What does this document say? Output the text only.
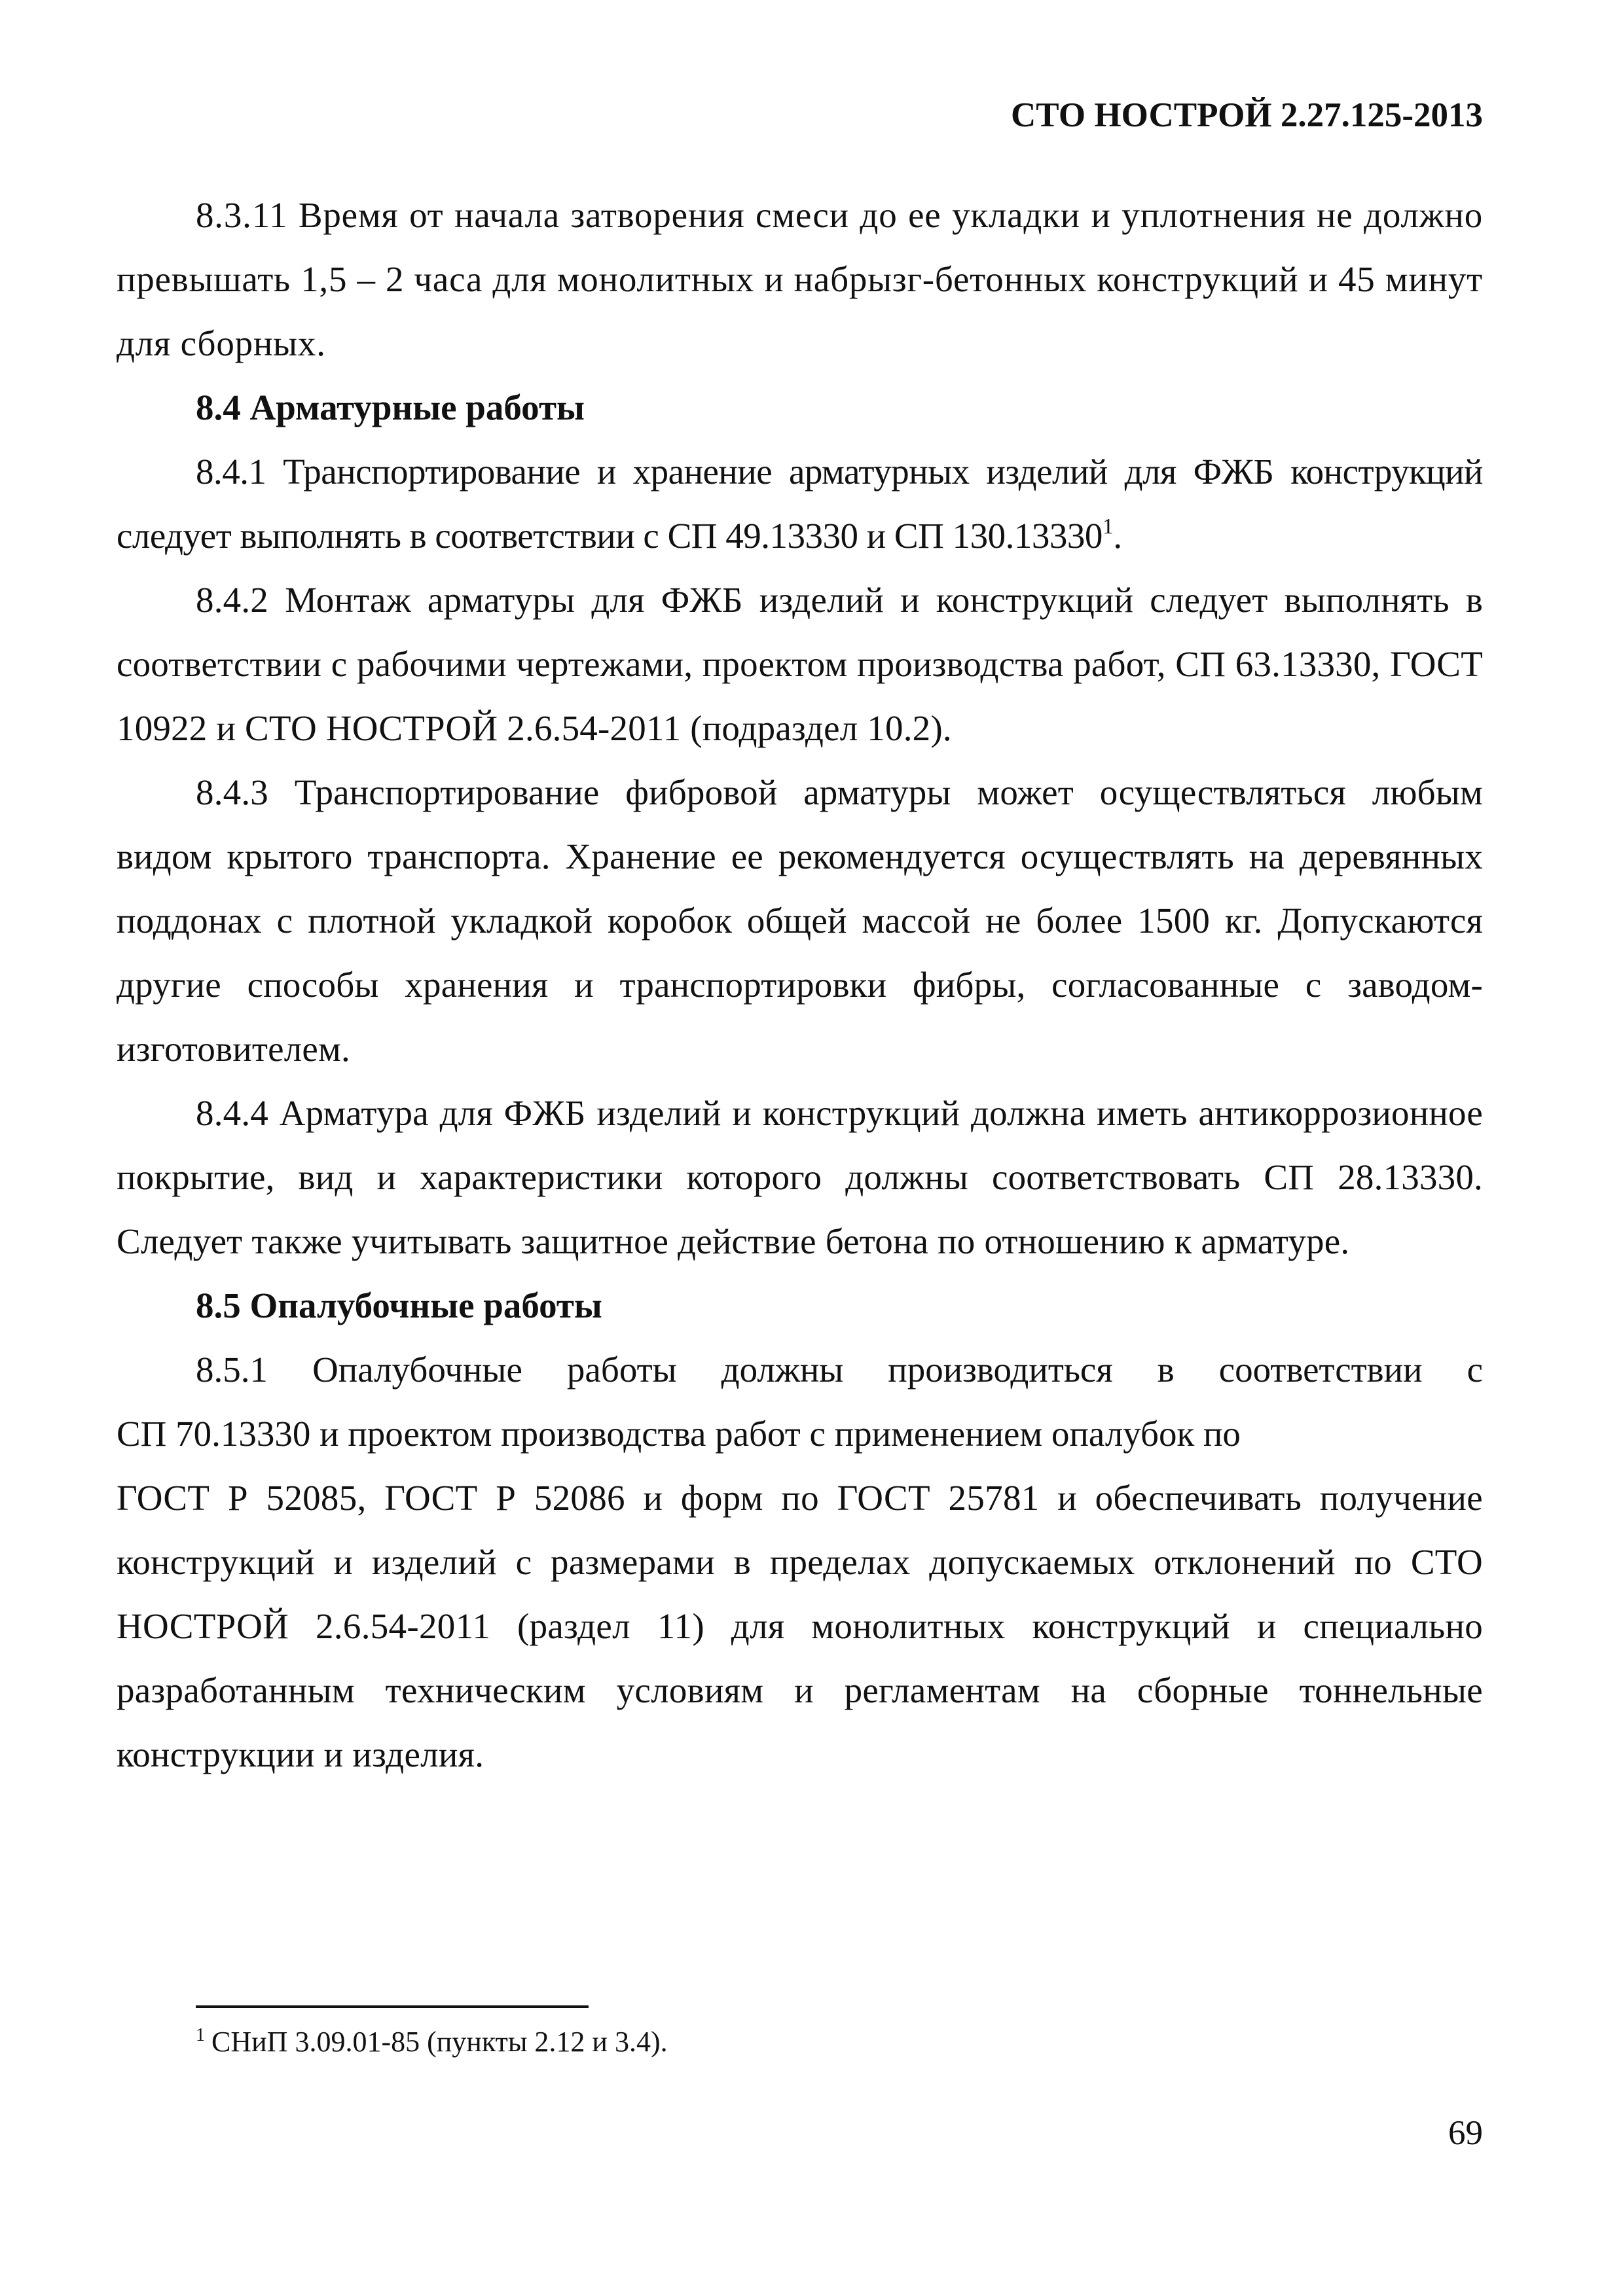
СТО НОСТРОЙ 2.27.125-2013

8.3.11 Время от начала затворения смеси до ее укладки и уплотнения не должно превышать 1,5 – 2 часа для монолитных и набрызг-бетонных конструкций и 45 минут для сборных.

8.4 Арматурные работы

8.4.1 Транспортирование и хранение арматурных изделий для ФЖБ конструкций следует выполнять в соответствии с СП 49.13330 и СП 130.13330$^1$.

8.4.2 Монтаж арматуры для ФЖБ изделий и конструкций следует выполнять в соответствии с рабочими чертежами, проектом производства работ, СП 63.13330, ГОСТ 10922 и СТО НОСТРОЙ 2.6.54-2011 (подраздел 10.2).

8.4.3 Транспортирование фибровой арматуры может осуществляться любым видом крытого транспорта. Хранение ее рекомендуется осуществлять на деревянных поддонах с плотной укладкой коробок общей массой не более 1500 кг. Допускаются другие способы хранения и транспортировки фибры, согласованные с заводом-изготовителем.

8.4.4 Арматура для ФЖБ изделий и конструкций должна иметь антикоррозионное покрытие, вид и характеристики которого должны соответствовать СП 28.13330. Следует также учитывать защитное действие бетона по отношению к арматуре.

8.5 Опалубочные работы

8.5.1 Опалубочные работы должны производиться в соответствии с

СП 70.13330 и проектом производства работ с применением опалубок по

ГОСТ Р 52085, ГОСТ Р 52086 и форм по ГОСТ 25781 и обеспечивать получение конструкций и изделий с размерами в пределах допускаемых отклонений по СТО НОСТРОЙ 2.6.54-2011 (раздел 11) для монолитных конструкций и специально разработанным техническим условиям и регламентам на сборные тоннельные конструкции и изделия.

$^1$ СНиП 3.09.01-85 (пункты 2.12 и 3.4).
69
